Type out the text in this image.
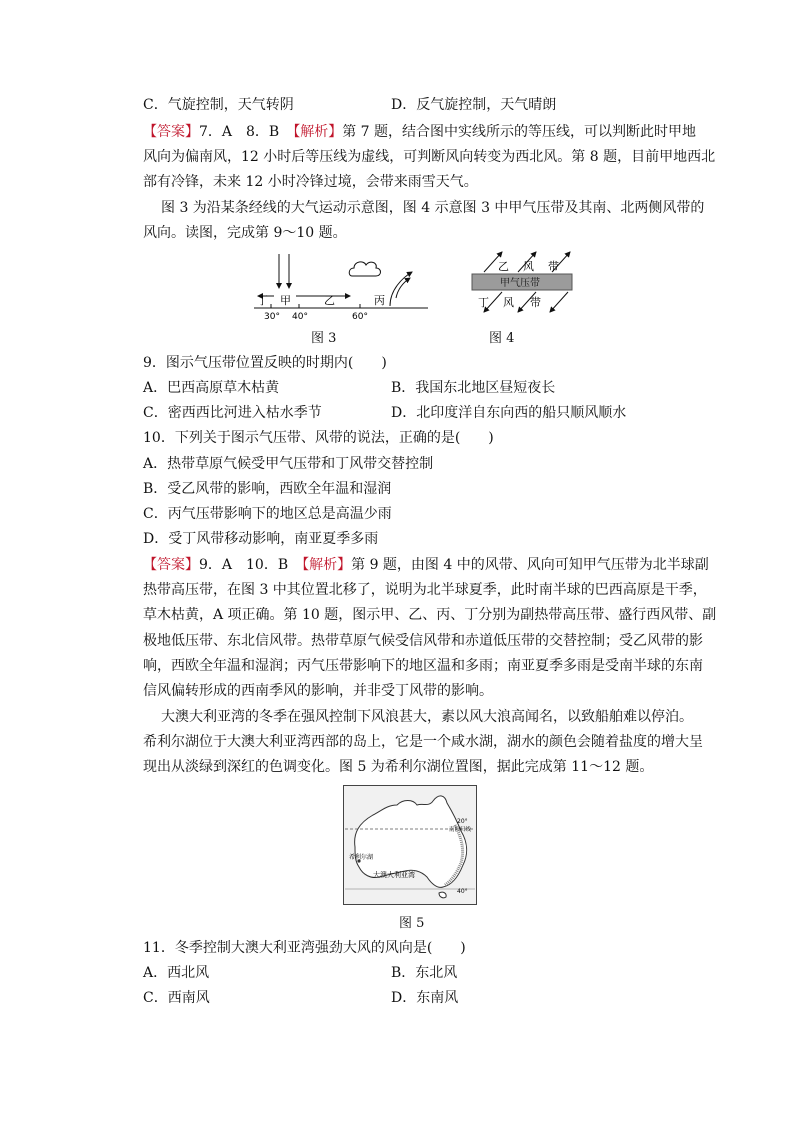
C．气旋控制，天气转阴	D．反气旋控制，天气晴朗
【答案】7．A　8．B　 【解析】第 7 题，结合图中实线所示的等压线，可以判断此时甲地
风向为偏南风，12 小时后等压线为虚线，可判断风向转变为西北风。第 8 题，目前甲地西北
部有冷锋，未来 12 小时冷锋过境，会带来雨雪天气。
图 3 为沿某条经线的大气运动示意图，图 4 示意图 3 中甲气压带及其南、北两侧风带的
风向。读图，完成第 9～10 题。
丁 甲	乙	丙
30° 40°	60°
图 3
乙 风 带
甲气压带
丁 风 带
图 4
9．图示气压带位置反映的时期内(　　)
A．巴西高原草木枯黄	B．我国东北地区昼短夜长
C．密西西比河进入枯水季节	D．北印度洋自东向西的船只顺风顺水
10．下列关于图示气压带、风带的说法，正确的是(　　)
A．热带草原气候受甲气压带和丁风带交替控制
B．受乙风带的影响，西欧全年温和湿润
C．丙气压带影响下的地区总是高温少雨
D．受丁风带移动影响，南亚夏季多雨
【答案】9．A　10．B　 【解析】第 9 题，由图 4 中的风带、风向可知甲气压带为北半球副
热带高压带，在图 3 中其位置北移了，说明为北半球夏季，此时南半球的巴西高原是干季，
草木枯黄，A 项正确。第 10 题，图示甲、乙、丙、丁分别为副热带高压带、盛行西风带、副
极地低压带、东北信风带。热带草原气候受信风带和赤道低压带的交替控制；受乙风带的影
响，西欧全年温和湿润；丙气压带影响下的地区温和多雨；南亚夏季多雨是受南半球的东南
信风偏转形成的西南季风的影响，并非受丁风带的影响。
大澳大利亚湾的冬季在强风控制下风浪甚大，素以风大浪高闻名，以致船舶难以停泊。
希利尔湖位于大澳大利亚湾西部的岛上，它是一个咸水湖，湖水的颜色会随着盐度的增大呈
现出从淡绿到深红的色调变化。图 5 为希利尔湖位置图，据此完成第 11～12 题。
20°
南回归线
希利尔湖
大澳大利亚湾
40°
图 5
11．冬季控制大澳大利亚湾强劲大风的风向是(　　)
A．西北风	B．东北风
C．西南风	D．东南风
